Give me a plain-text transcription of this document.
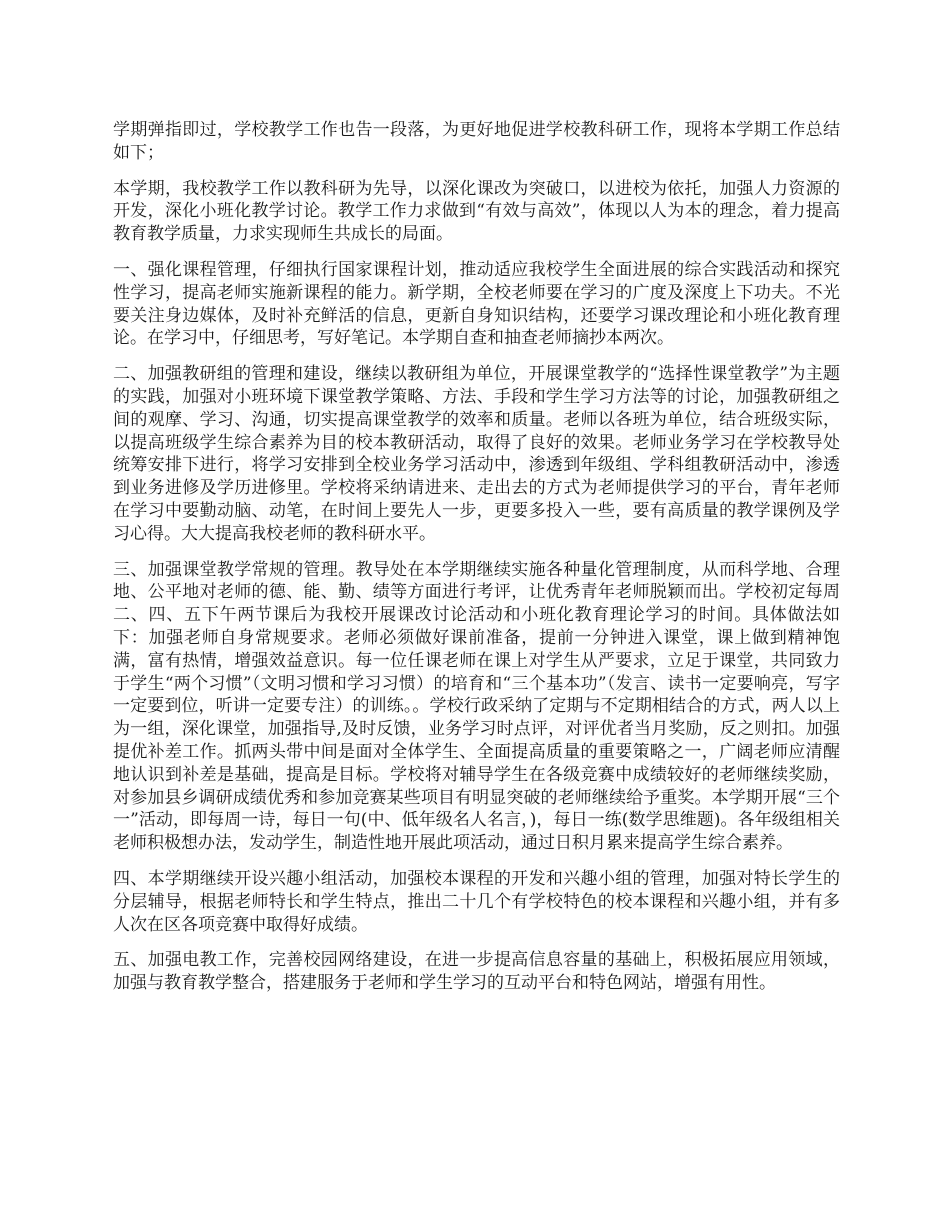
学期弹指即过，学校教学工作也告一段落，为更好地促进学校教科研工作，现将本学期工作总结如下；

本学期，我校教学工作以教科研为先导，以深化课改为突破口，以进校为依托，加强人力资源的开发，深化小班化教学讨论。教学工作力求做到“有效与高效”，体现以人为本的理念，着力提高教育教学质量，力求实现师生共成长的局面。

一、强化课程管理，仔细执行国家课程计划，推动适应我校学生全面进展的综合实践活动和探究性学习，提高老师实施新课程的能力。新学期，全校老师要在学习的广度及深度上下功夫。不光要关注身边媒体，及时补充鲜活的信息，更新自身知识结构，还要学习课改理论和小班化教育理论。在学习中，仔细思考，写好笔记。本学期自查和抽查老师摘抄本两次。

二、加强教研组的管理和建设，继续以教研组为单位，开展课堂教学的“选择性课堂教学”为主题的实践，加强对小班环境下课堂教学策略、方法、手段和学生学习方法等的讨论，加强教研组之间的观摩、学习、沟通，切实提高课堂教学的效率和质量。老师以各班为单位，结合班级实际，以提高班级学生综合素养为目的校本教研活动，取得了良好的效果。老师业务学习在学校教导处统筹安排下进行，将学习安排到全校业务学习活动中，渗透到年级组、学科组教研活动中，渗透到业务进修及学历进修里。学校将采纳请进来、走出去的方式为老师提供学习的平台，青年老师在学习中要勤动脑、动笔，在时间上要先人一步，更要多投入一些，要有高质量的教学课例及学习心得。大大提高我校老师的教科研水平。

三、加强课堂教学常规的管理。教导处在本学期继续实施各种量化管理制度，从而科学地、合理地、公平地对老师的德、能、勤、绩等方面进行考评，让优秀青年老师脱颖而出。学校初定每周二、四、五下午两节课后为我校开展课改讨论活动和小班化教育理论学习的时间。具体做法如下：加强老师自身常规要求。老师必须做好课前准备，提前一分钟进入课堂，课上做到精神饱满，富有热情，增强效益意识。每一位任课老师在课上对学生从严要求，立足于课堂，共同致力于学生“两个习惯”（文明习惯和学习习惯）的培育和“三个基本功”（发言、读书一定要响亮，写字一定要到位，听讲一定要专注）的训练。。学校行政采纳了定期与不定期相结合的方式，两人以上为一组，深化课堂，加强指导,及时反馈，业务学习时点评，对评优者当月奖励，反之则扣。加强提优补差工作。抓两头带中间是面对全体学生、全面提高质量的重要策略之一，广阔老师应清醒地认识到补差是基础，提高是目标。学校将对辅导学生在各级竞赛中成绩较好的老师继续奖励，对参加县乡调研成绩优秀和参加竞赛某些项目有明显突破的老师继续给予重奖。本学期开展“三个一”活动，即每周一诗，每日一句(中、低年级名人名言，)，每日一练(数学思维题)。各年级组相关老师积极想办法，发动学生，制造性地开展此项活动，通过日积月累来提高学生综合素养。

四、本学期继续开设兴趣小组活动，加强校本课程的开发和兴趣小组的管理，加强对特长学生的分层辅导，根据老师特长和学生特点，推出二十几个有学校特色的校本课程和兴趣小组，并有多人次在区各项竞赛中取得好成绩。

五、加强电教工作，完善校园网络建设，在进一步提高信息容量的基础上，积极拓展应用领域，加强与教育教学整合，搭建服务于老师和学生学习的互动平台和特色网站，增强有用性。
